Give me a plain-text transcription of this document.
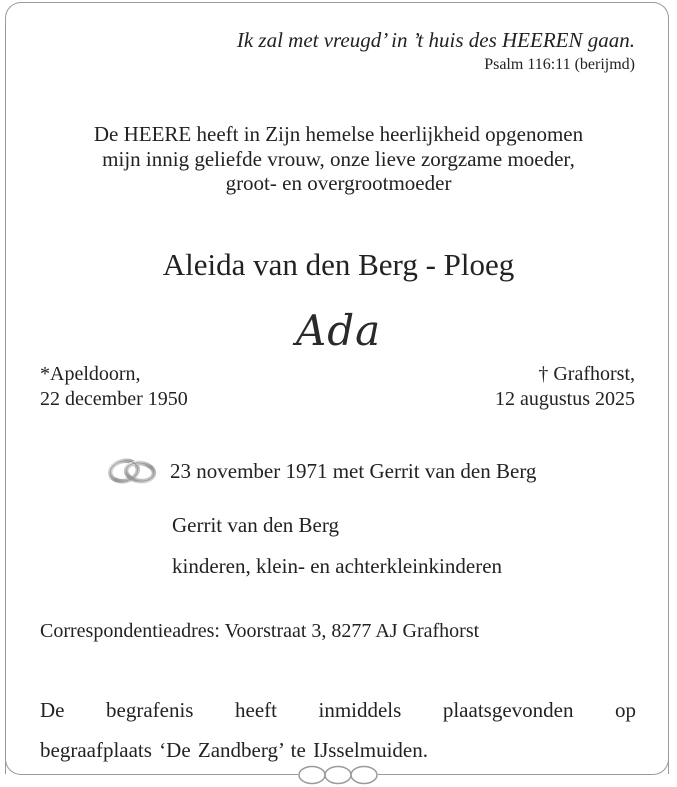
Ik zal met vreugd’ in ’t huis des HEEREN gaan.

Psalm 116:11 (berijmd)

De HEERE heeft in Zijn hemelse heerlijkheid opgenomen
mijn innig geliefde vrouw, onze lieve zorgzame moeder,
groot- en overgrootmoeder
Aleida van den Berg - Ploeg
Ada
*Apeldoorn,
22 december 1950
† Grafhorst,
12 augustus 2025

23 november 1971 met Gerrit van den Berg

Gerrit van den Berg

kinderen, klein- en achterkleinkinderen

Correspondentieadres: Voorstraat 3, 8277 AJ Grafhorst

De begrafenis heeft inmiddels plaatsgevonden op
begraafplaats ‘De Zandberg’ te IJsselmuiden.
